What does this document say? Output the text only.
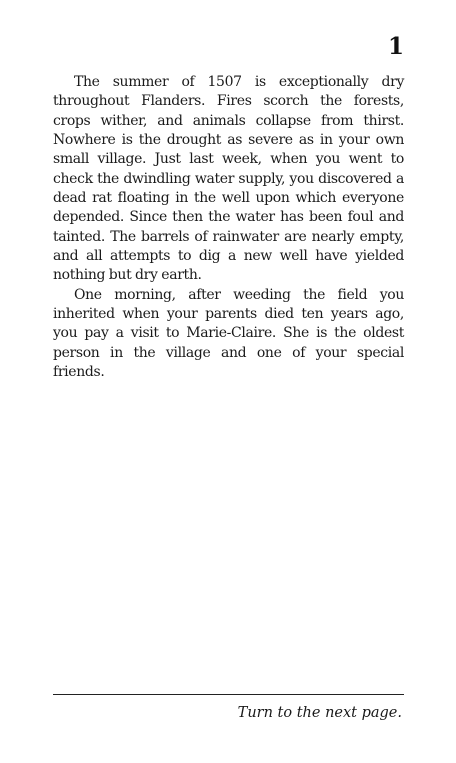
1

The summer of 1507 is exceptionally dry throughout Flanders. Fires scorch the forests, crops wither, and animals collapse from thirst. Nowhere is the drought as severe as in your own small village. Just last week, when you went to check the dwindling water supply, you discovered a dead rat floating in the well upon which everyone depended. Since then the water has been foul and tainted. The barrels of rainwater are nearly empty, and all attempts to dig a new well have yielded nothing but dry earth.

One morning, after weeding the field you inherited when your parents died ten years ago, you pay a visit to Marie-Claire. She is the oldest person in the village and one of your special friends.

Turn to the next page.
